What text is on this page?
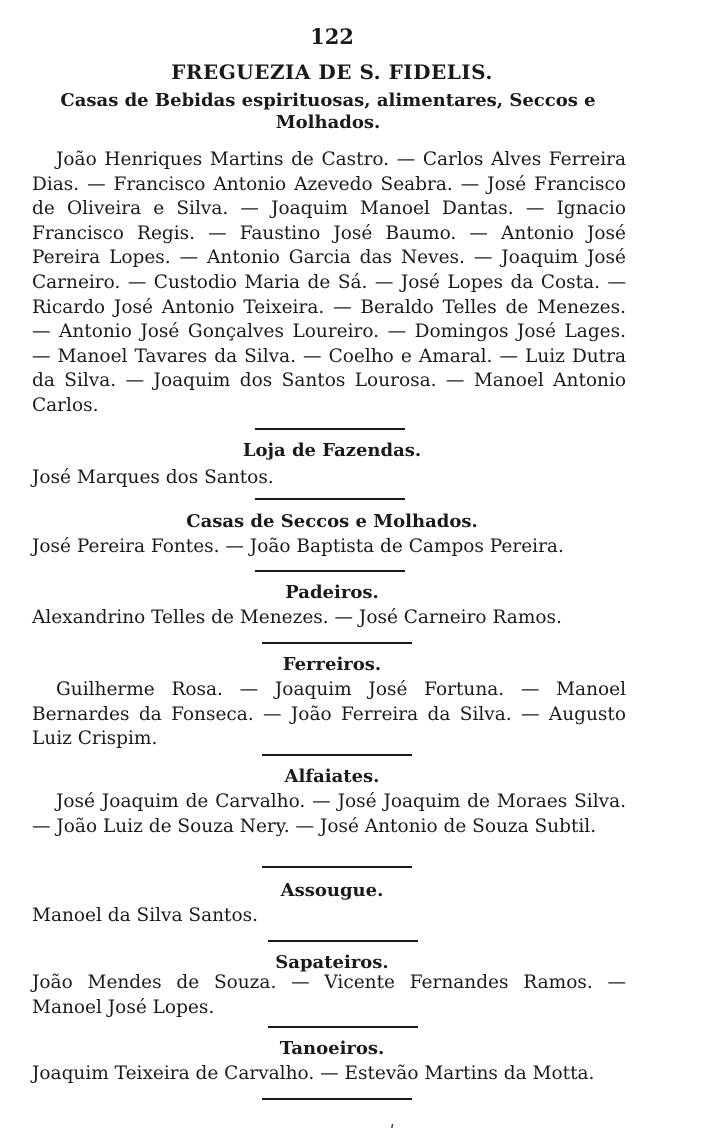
122
FREGUEZIA DE S. FIDELIS.
Casas de Bebidas espirituosas, alimentares, Seccos e Molhados.
João Henriques Martins de Castro. — Carlos Alves Ferreira Dias. — Francisco Antonio Azevedo Seabra. — José Francisco de Oliveira e Silva. — Joaquim Manoel Dantas. — Ignacio Francisco Regis. — Faustino José Baumo. — Antonio José Pereira Lopes. — Antonio Garcia das Neves. — Joaquim José Carneiro. — Custodio Maria de Sá. — José Lopes da Costa. — Ricardo José Antonio Teixeira. — Beraldo Telles de Menezes. — Antonio José Gonçalves Loureiro. — Domingos José Lages. — Manoel Tavares da Silva. — Coelho e Amaral. — Luiz Dutra da Silva. — Joaquim dos Santos Lourosa. — Manoel Antonio Carlos.
Loja de Fazendas.
José Marques dos Santos.
Casas de Seccos e Molhados.
José Pereira Fontes. — João Baptista de Campos Pereira.
Padeiros.
Alexandrino Telles de Menezes. — José Carneiro Ramos.
Ferreiros.
Guilherme Rosa. — Joaquim José Fortuna. — Manoel Bernardes da Fonseca. — João Ferreira da Silva. — Augusto Luiz Crispim.
Alfaiates.
José Joaquim de Carvalho. — José Joaquim de Moraes Silva. — João Luiz de Souza Nery. — José Antonio de Souza Subtil.
Assougue.
Manoel da Silva Santos.
Sapateiros.
João Mendes de Souza. — Vicente Fernandes Ramos. — Manoel José Lopes.
Tanoeiros.
Joaquim Teixeira de Carvalho. — Estevão Martins da Motta.
ʹ
